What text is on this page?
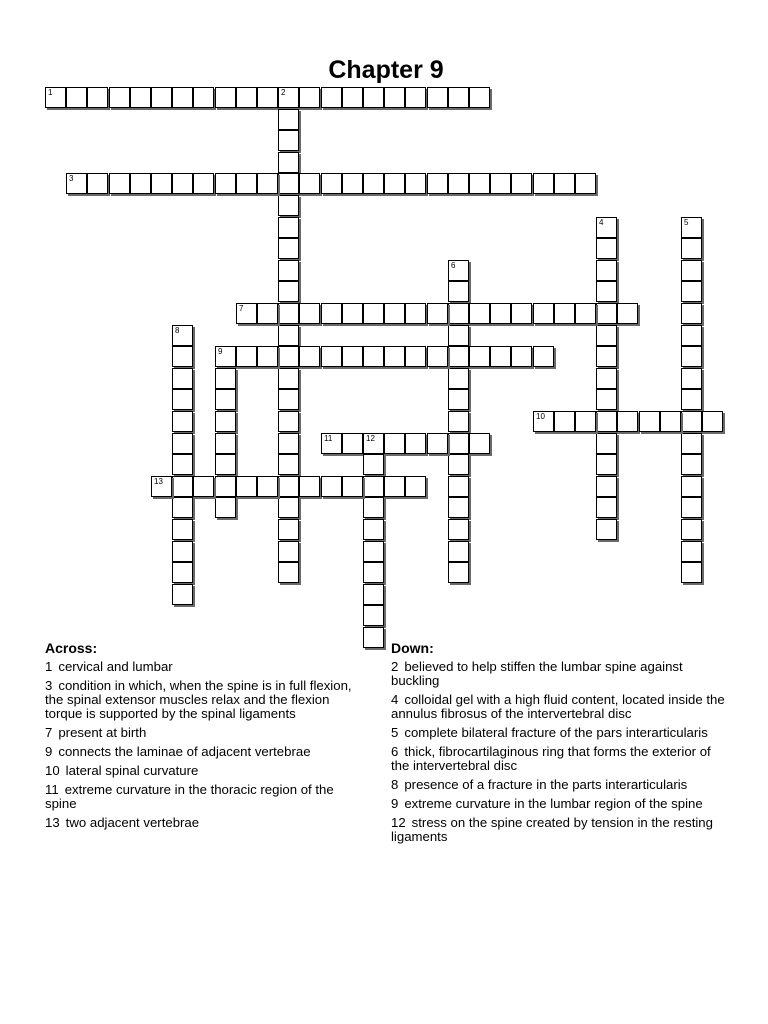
Chapter 9
1	2
3
4	5
6
7
8
9
10
11	12
13
Across:
1 cervical and lumbar
3 condition in which, when the spine is in full flexion, the spinal extensor muscles relax and the flexion torque is supported by the spinal ligaments
7 present at birth
9 connects the laminae of adjacent vertebrae
10 lateral spinal curvature
11 extreme curvature in the thoracic region of the spine
13 two adjacent vertebrae
Down:
2 believed to help stiffen the lumbar spine against buckling
4 colloidal gel with a high fluid content, located inside the annulus fibrosus of the intervertebral disc
5 complete bilateral fracture of the pars interarticularis
6 thick, fibrocartilaginous ring that forms the exterior of the intervertebral disc
8 presence of a fracture in the parts interarticularis
9 extreme curvature in the lumbar region of the spine
12 stress on the spine created by tension in the resting ligaments
